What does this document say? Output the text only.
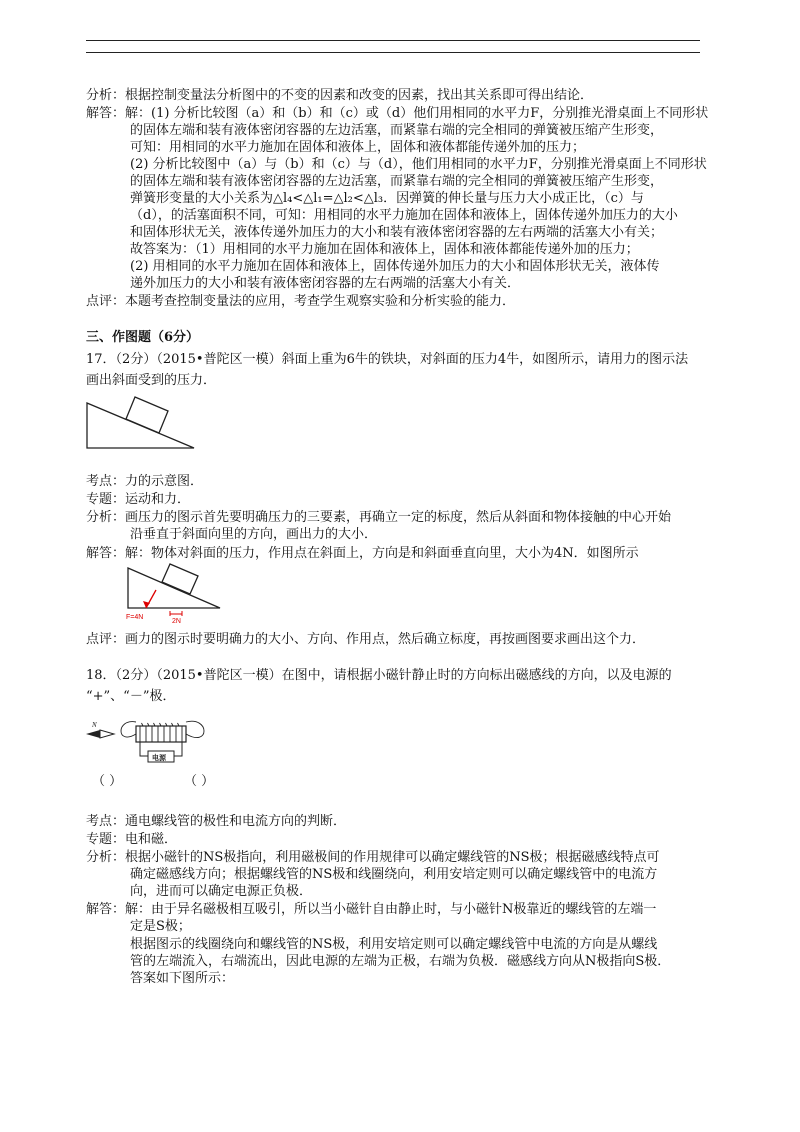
分析：根据控制变量法分析图中的不变的因素和改变的因素，找出其关系即可得出结论．
解答：解：(1) 分析比较图（a）和（b）和（c）或（d）他们用相同的水平力F，分别推光滑桌面上不同形状
的固体左端和装有液体密闭容器的左边活塞，而紧靠右端的完全相同的弹簧被压缩产生形变，
可知：用相同的水平力施加在固体和液体上，固体和液体都能传递外加的压力；
(2) 分析比较图中（a）与（b）和（c）与（d），他们用相同的水平力F，分别推光滑桌面上不同形状
的固体左端和装有液体密闭容器的左边活塞，而紧靠右端的完全相同的弹簧被压缩产生形变，
弹簧形变量的大小关系为△l₄<△l₁=△l₂<△l₃．因弹簧的伸长量与压力大小成正比，（c）与
（d），的活塞面积不同，可知：用相同的水平力施加在固体和液体上，固体传递外加压力的大小
和固体形状无关，液体传递外加压力的大小和装有液体密闭容器的左右两端的活塞大小有关；
故答案为：（1）用相同的水平力施加在固体和液体上，固体和液体都能传递外加的压力；
(2) 用相同的水平力施加在固体和液体上，固体传递外加压力的大小和固体形状无关，液体传
递外加压力的大小和装有液体密闭容器的左右两端的活塞大小有关．
点评：本题考查控制变量法的应用，考查学生观察实验和分析实验的能力．
三、作图题（6分）
17．（2分）（2015•普陀区一模）斜面上重为6牛的铁块，对斜面的压力4牛，如图所示，请用力的图示法
画出斜面受到的压力．
考点：力的示意图．
专题：运动和力．
分析：画压力的图示首先要明确压力的三要素，再确立一定的标度，然后从斜面和物体接触的中心开始
沿垂直于斜面向里的方向，画出力的大小．
解答：解：物体对斜面的压力，作用点在斜面上，方向是和斜面垂直向里，大小为4N．如图所示
F=4N
2N
点评：画力的图示时要明确力的大小、方向、作用点，然后确立标度，再按画图要求画出这个力．
18．（2分）（2015•普陀区一模）在图中，请根据小磁针静止时的方向标出磁感线的方向，以及电源的
“+”、“－”极．
N
电源
（ ）	（ ）
考点：通电螺线管的极性和电流方向的判断．
专题：电和磁．
分析：根据小磁针的NS极指向，利用磁极间的作用规律可以确定螺线管的NS极；根据磁感线特点可
确定磁感线方向；根据螺线管的NS极和线圈绕向，利用安培定则可以确定螺线管中的电流方
向，进而可以确定电源正负极．
解答：解：由于异名磁极相互吸引，所以当小磁针自由静止时，与小磁针N极靠近的螺线管的左端一
定是S极；
根据图示的线圈绕向和螺线管的NS极，利用安培定则可以确定螺线管中电流的方向是从螺线
管的左端流入，右端流出，因此电源的左端为正极，右端为负极．磁感线方向从N极指向S极．
答案如下图所示：
